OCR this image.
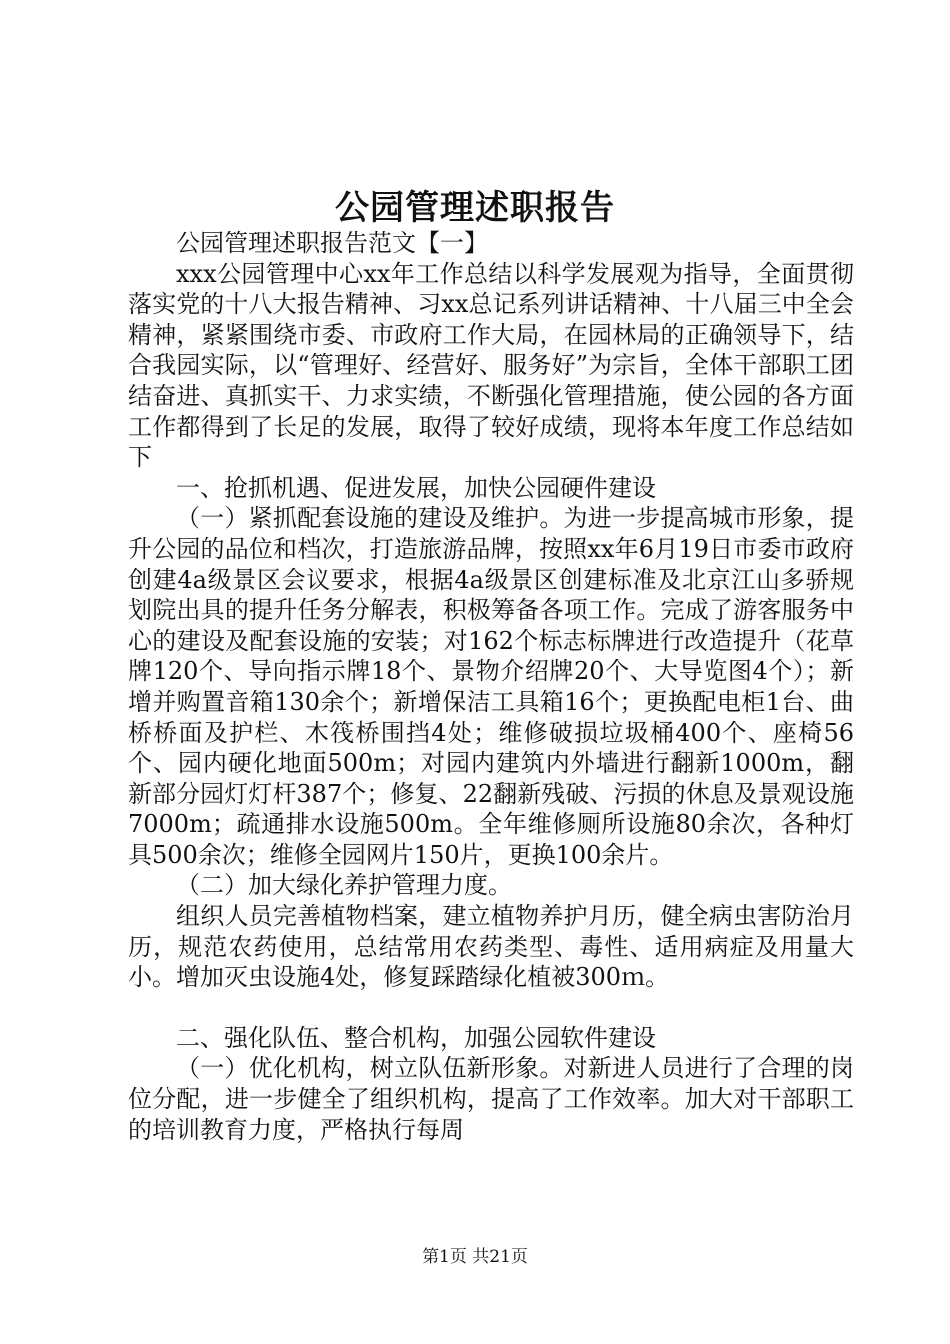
公园管理述职报告

公园管理述职报告范文【一】

xxx公园管理中心xx年工作总结以科学发展观为指导，全面贯彻落实党的十八大报告精神、习xx总记系列讲话精神、十八届三中全会精神，紧紧围绕市委、市政府工作大局，在园林局的正确领导下，结合我园实际，以“管理好、经营好、服务好”为宗旨，全体干部职工团结奋进、真抓实干、力求实绩，不断强化管理措施，使公园的各方面工作都得到了长足的发展，取得了较好成绩，现将本年度工作总结如下

一、抢抓机遇、促进发展，加快公园硬件建设

（一）紧抓配套设施的建设及维护。为进一步提高城市形象，提升公园的品位和档次，打造旅游品牌，按照xx年6月19日市委市政府创建4a级景区会议要求，根据4a级景区创建标准及北京江山多骄规划院出具的提升任务分解表，积极筹备各项工作。完成了游客服务中心的建设及配套设施的安装；对162个标志标牌进行改造提升（花草牌120个、导向指示牌18个、景物介绍牌20个、大导览图4个）；新增并购置音箱130余个；新增保洁工具箱16个；更换配电柜1台、曲桥桥面及护栏、木筏桥围挡4处；维修破损垃圾桶400个、座椅56个、园内硬化地面500m；对园内建筑内外墙进行翻新1000m，翻新部分园灯灯杆387个；修复、22翻新残破、污损的休息及景观设施7000m；疏通排水设施500m。全年维修厕所设施80余次，各种灯具500余次；维修全园网片150片，更换100余片。

（二）加大绿化养护管理力度。

组织人员完善植物档案，建立植物养护月历，健全病虫害防治月历，规范农药使用，总结常用农药类型、毒性、适用病症及用量大小。增加灭虫设施4处，修复踩踏绿化植被300ｍ。

二、强化队伍、整合机构，加强公园软件建设

（一）优化机构，树立队伍新形象。对新进人员进行了合理的岗位分配，进一步健全了组织机构，提高了工作效率。加大对干部职工的培训教育力度，严格执行每周

第1页 共21页
